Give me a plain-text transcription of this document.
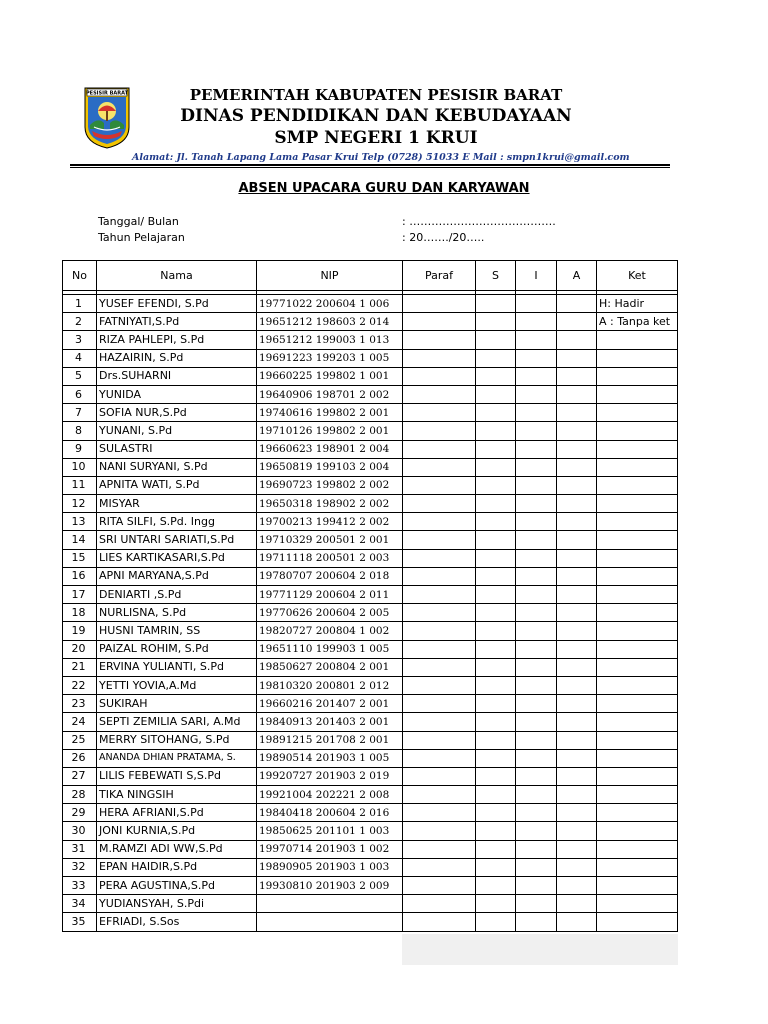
PESISIR BARAT	PEMERINTAH KABUPATEN PESISIR BARAT
DINAS PENDIDIKAN DAN KEBUDAYAAN
SMP NEGERI 1 KRUI
Alamat: Jl. Tanah Lapang Lama Pasar Krui Telp (0728) 51033 E Mail : smpn1krui@gmail.com
ABSEN UPACARA GURU DAN KARYAWAN
Tanggal/ Bulan	: ………………………………….
Tahun Pelajaran	: 20……./20…..
No	Nama	NIP	Paraf	S	I	A	Ket

1	YUSEF EFENDI, S.Pd	19771022 200604 1 006					H: Hadir
2	FATNIYATI,S.Pd	19651212 198603 2 014					A : Tanpa ket
3	RIZA PAHLEPI, S.Pd	19651212 199003 1 013					
4	HAZAIRIN, S.Pd	19691223 199203 1 005					
5	Drs.SUHARNI	19660225 199802 1 001					
6	YUNIDA	19640906 198701 2 002					
7	SOFIA NUR,S.Pd	19740616 199802 2 001					
8	YUNANI, S.Pd	19710126 199802 2 001					
9	SULASTRI	19660623 198901 2 004					
10	NANI SURYANI, S.Pd	19650819 199103 2 004					
11	APNITA WATI, S.Pd	19690723 199802 2 002					
12	MISYAR	19650318 198902 2 002					
13	RITA SILFI, S.Pd. Ingg	19700213 199412 2 002					
14	SRI UNTARI SARIATI,S.Pd	19710329 200501 2 001					
15	LIES KARTIKASARI,S.Pd	19711118 200501 2 003					
16	APNI MARYANA,S.Pd	19780707 200604 2 018					
17	DENIARTI ,S.Pd	19771129 200604 2 011					
18	NURLISNA, S.Pd	19770626 200604 2 005					
19	HUSNI TAMRIN, SS	19820727 200804 1 002					
20	PAIZAL ROHIM, S.Pd	19651110 199903 1 005					
21	ERVINA YULIANTI, S.Pd	19850627 200804 2 001					
22	YETTI YOVIA,A.Md	19810320 200801 2 012					
23	SUKIRAH	19660216 201407 2 001					
24	SEPTI ZEMILIA SARI, A.Md	19840913 201403 2 001					
25	MERRY SITOHANG, S.Pd	19891215 201708 2 001					
26	ANANDA DHIAN PRATAMA, S.	19890514 201903 1 005					
27	LILIS FEBEWATI S,S.Pd	19920727 201903 2 019					
28	TIKA NINGSIH	19921004 202221 2 008					
29	HERA AFRIANI,S.Pd	19840418 200604 2 016					
30	JONI KURNIA,S.Pd	19850625 201101 1 003					
31	M.RAMZI ADI WW,S.Pd	19970714 201903 1 002					
32	EPAN HAIDIR,S.Pd	19890905 201903 1 003					
33	PERA AGUSTINA,S.Pd	19930810 201903 2 009					
34	YUDIANSYAH, S.Pdi						
35	EFRIADI, S.Sos						
